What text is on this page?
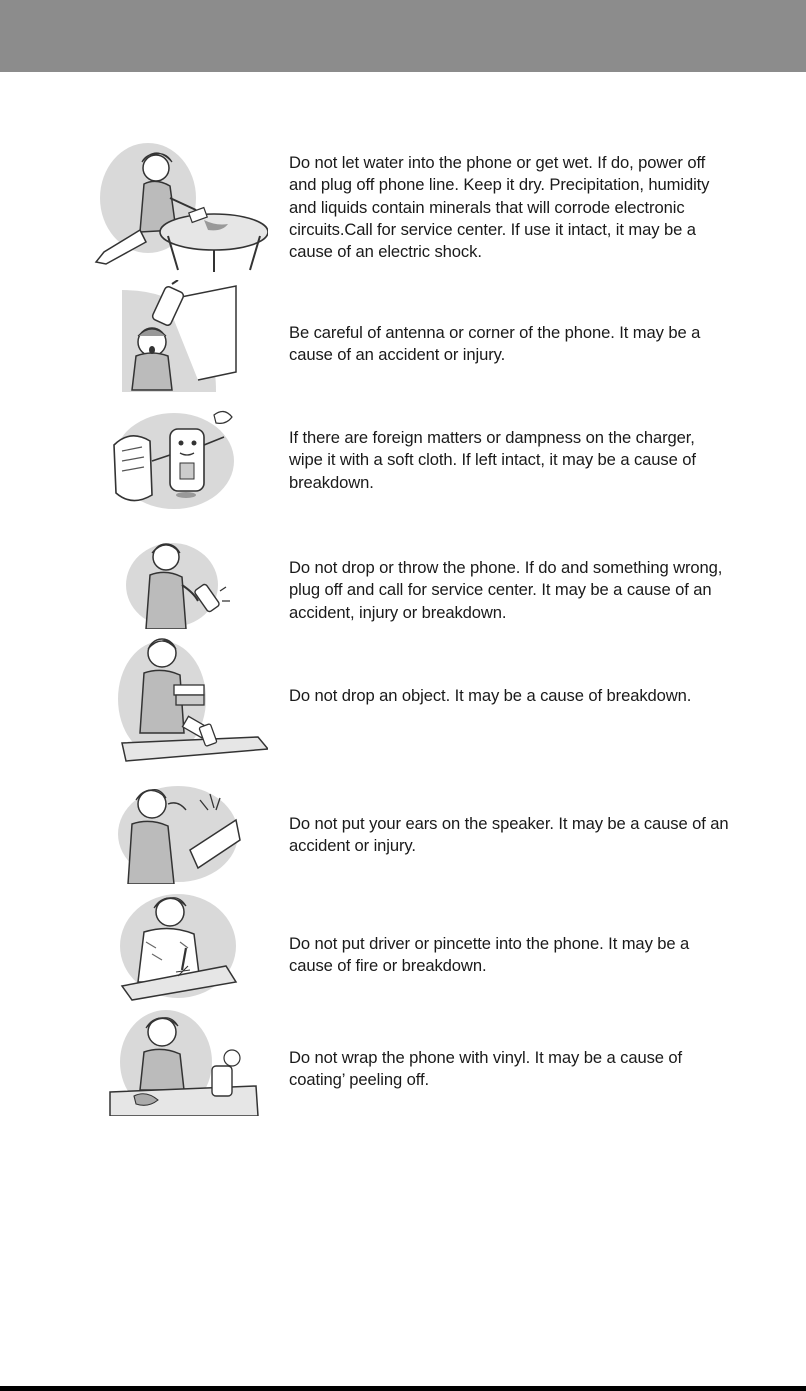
Do not let water into the phone or get wet. If do, power off and plug off phone line. Keep it dry. Precipitation, humidity and liquids contain minerals that will corrode electronic circuits.Call for service center. If use it intact, it may be a cause of an electric shock.
Be careful of antenna or corner of the phone. It may be a cause of an accident or injury.
If there are foreign matters or dampness on the charger, wipe it with a soft cloth. If left intact, it may be a cause of breakdown.
Do not drop or throw the phone. If do and something wrong, plug off and call for service center. It may be a cause of an accident, injury or breakdown.
Do not drop an object. It may be a cause of breakdown.
Do not put your ears on the speaker. It may be a cause of an accident or injury.
Do not put driver or pincette into the phone. It may be a cause of fire or breakdown.
Do not wrap the phone with vinyl. It may be a cause of coating’ peeling off.
